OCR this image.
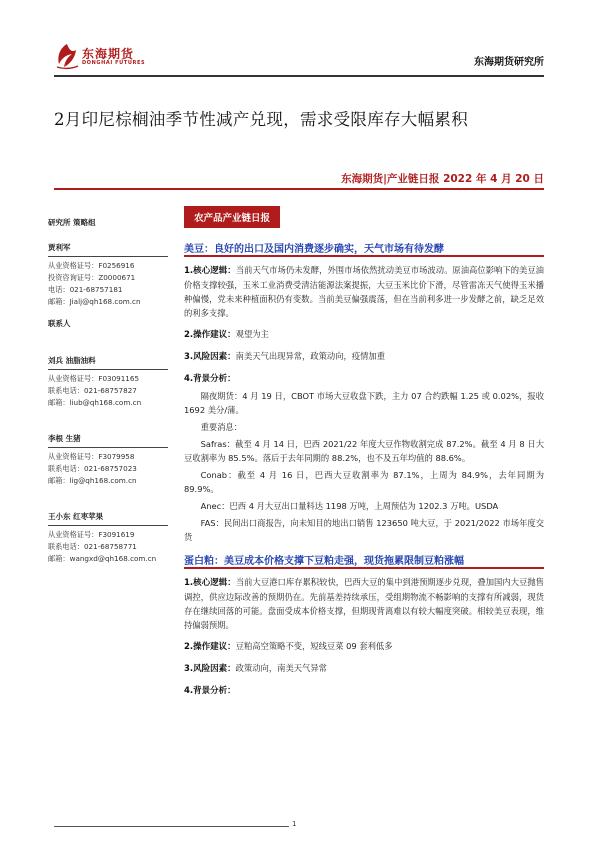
东海期货
DONGHAI FUTURES	东海期货研究所
2月印尼棕榈油季节性减产兑现，需求受限库存大幅累积
东海期货|产业链日报 2022 年 4 月 20 日
研究所 策略组
贾利军
从业资格证号：F0256916
投资咨询证号：Z0000671
电话：021-68757181
邮箱：Jialj@qh168.com.cn
联系人
刘兵 油脂油料
从业资格证号：F03091165
联系电话：021-68757827
邮箱：liub@qh168.com.cn
李根 生猪
从业资格证号：F3079958
联系电话：021-68757023
邮箱：lig@qh168.com.cn
王小东 红枣苹果
从业资格证号：F3091619
联系电话：021-68758771
邮箱：wangxd@qh168.com.cn
农产品产业链日报
美豆：良好的出口及国内消费逐步确实，天气市场有待发酵
1.核心逻辑：当前天气市场仍未发酵，外围市场依然扰动美豆市场波动。原油高位影响下的美豆油价格支撑较强，玉米工业消费受清洁能源法案提振，大豆玉米比价下滑，尽管雷冻天气使得玉米播种偏慢，党未来种植面积仍有变数。当前美豆偏强震荡，但在当前利多进一步发酵之前，缺乏足效的利多支撑。
2.操作建议：观望为主
3.风险因素：南美天气出现异常，政策动向，疫情加重
4.背景分析：

隔夜期货：4 月 19 日，CBOT 市场大豆收盘下跌，主力 07 合约跌幅 1.25 或 0.02%，报收 1692 美分/蒲。

重要消息：

Safras：截至 4 月 14 日，巴西 2021/22 年度大豆作物收割完成 87.2%。截至 4 月 8 日大豆收割率为 85.5%。落后于去年同期的 88.2%，也不及五年均值的 88.6%。

Conab：截至 4 月 16 日，巴西大豆收割率为 87.1%，上周为 84.9%，去年同期为 89.9%。

Anec：巴西 4 月大豆出口量料达 1198 万吨，上周预估为 1202.3 万吨。USDA

FAS：民间出口商报告，向未知目的地出口销售 123650 吨大豆，于 2021/2022 市场年度交货

蛋白粕：美豆成本价格支撑下豆粕走强，现货拖累限制豆粕涨幅
1.核心逻辑：当前大豆港口库存累积较快，巴西大豆的集中到港预期逐步兑现，叠加国内大豆抛售调控，供应边际改善的预期仍在。先前基差持续承压，受组期物流不畅影响的支撑有所减弱，现货存在继续回落的可能。盘面受成本价格支撑，但期现背离难以有较大幅度突破。相较美豆表现，维持偏弱预期。
2.操作建议：豆粕高空策略不变，短线豆菜 09 套利低多
3.风险因素：政策动向，南美天气异常
4.背景分析：
1
